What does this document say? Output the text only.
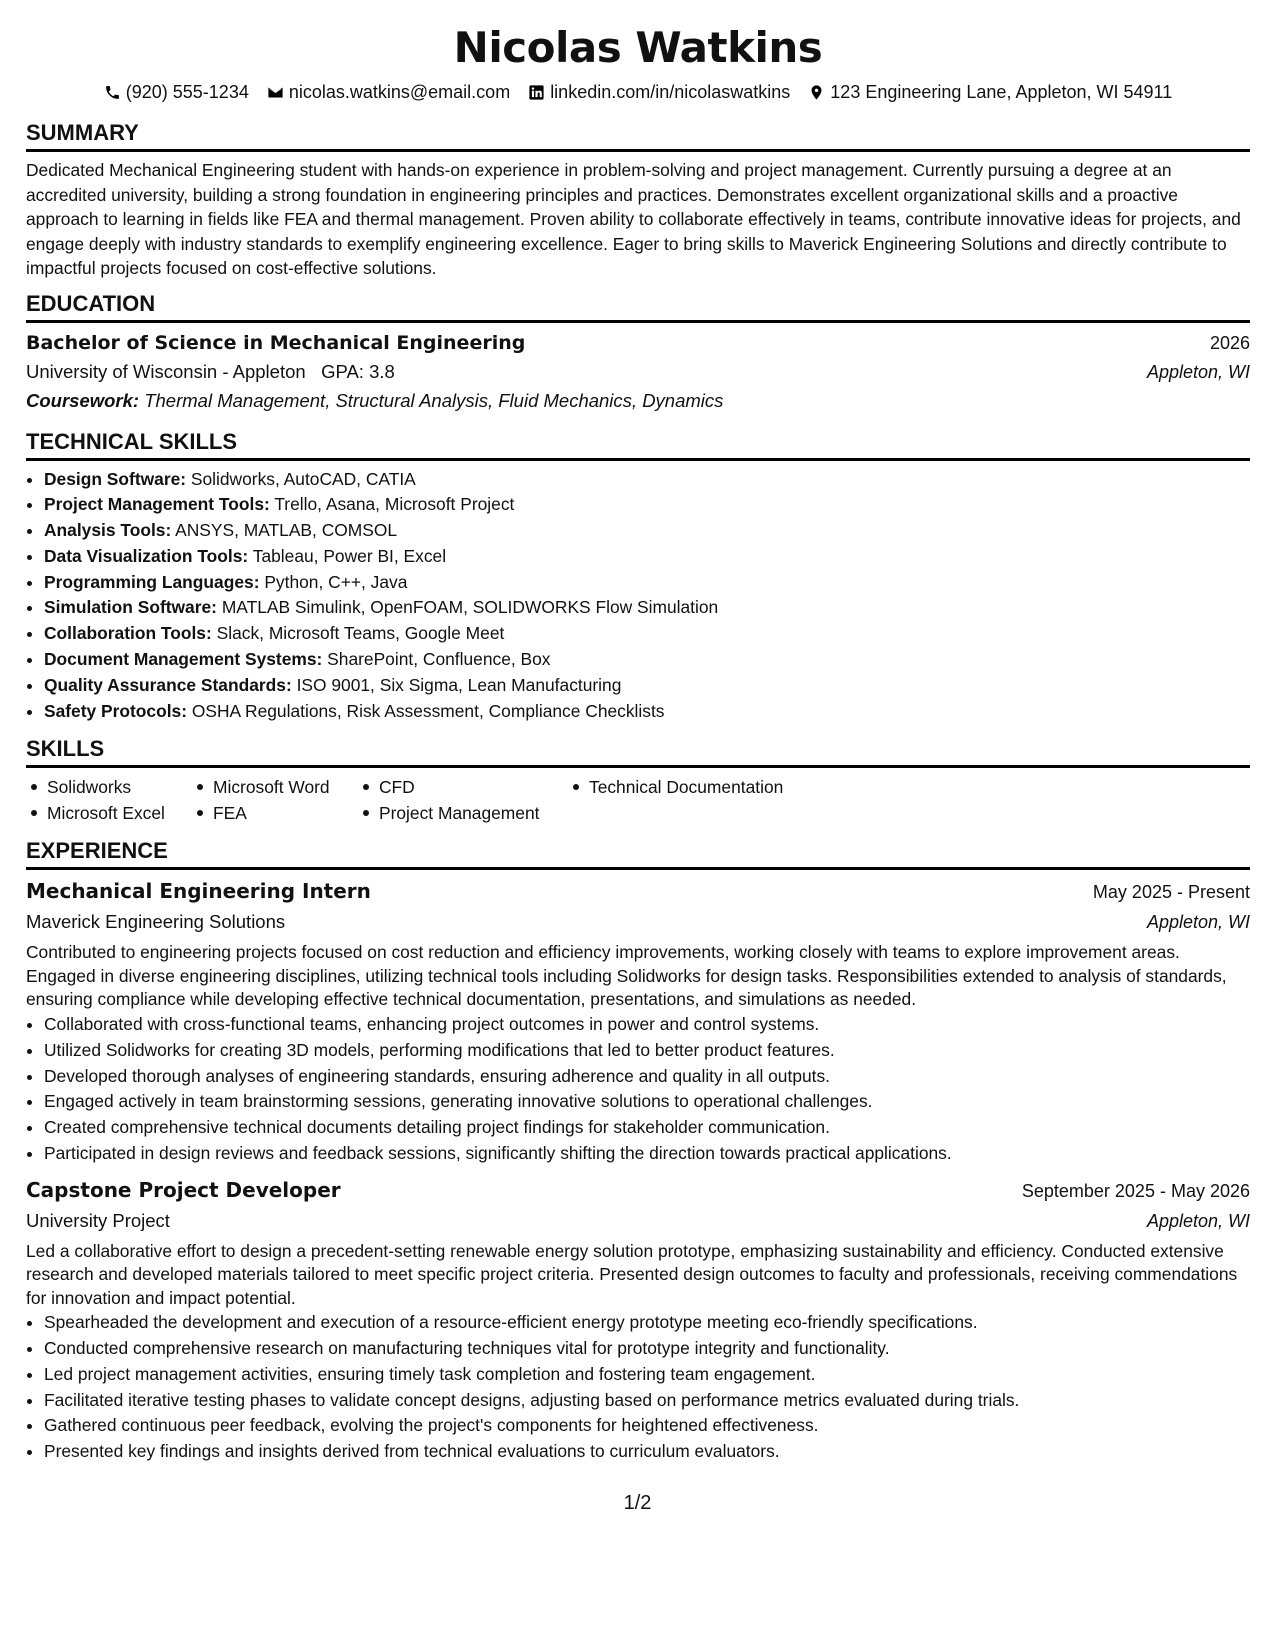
Nicolas Watkins
(920) 555-1234 nicolas.watkins@email.com linkedin.com/in/nicolaswatkins 123 Engineering Lane, Appleton, WI 54911
SUMMARY

Dedicated Mechanical Engineering student with hands-on experience in problem-solving and project management. Currently pursuing a degree at an accredited university, building a strong foundation in engineering principles and practices. Demonstrates excellent organizational skills and a proactive approach to learning in fields like FEA and thermal management. Proven ability to collaborate effectively in teams, contribute innovative ideas for projects, and engage deeply with industry standards to exemplify engineering excellence. Eager to bring skills to Maverick Engineering Solutions and directly contribute to impactful projects focused on cost-effective solutions.

EDUCATION
Bachelor of Science in Mechanical Engineering	2026
University of Wisconsin - Appleton GPA: 3.8	Appleton, WI
Coursework: Thermal Management, Structural Analysis, Fluid Mechanics, Dynamics
TECHNICAL SKILLS
• Design Software: Solidworks, AutoCAD, CATIA
• Project Management Tools: Trello, Asana, Microsoft Project
• Analysis Tools: ANSYS, MATLAB, COMSOL
• Data Visualization Tools: Tableau, Power BI, Excel
• Programming Languages: Python, C++, Java
• Simulation Software: MATLAB Simulink, OpenFOAM, SOLIDWORKS Flow Simulation
• Collaboration Tools: Slack, Microsoft Teams, Google Meet
• Document Management Systems: SharePoint, Confluence, Box
• Quality Assurance Standards: ISO 9001, Six Sigma, Lean Manufacturing
• Safety Protocols: OSHA Regulations, Risk Assessment, Compliance Checklists
SKILLS
Solidworks
Microsoft Excel
Microsoft Word
FEA
CFD
Project Management
Technical Documentation
EXPERIENCE
Mechanical Engineering Intern	May 2025 - Present
Maverick Engineering Solutions	Appleton, WI

Contributed to engineering projects focused on cost reduction and efficiency improvements, working closely with teams to explore improvement areas. Engaged in diverse engineering disciplines, utilizing technical tools including Solidworks for design tasks. Responsibilities extended to analysis of standards, ensuring compliance while developing effective technical documentation, presentations, and simulations as needed.

• Collaborated with cross-functional teams, enhancing project outcomes in power and control systems.
• Utilized Solidworks for creating 3D models, performing modifications that led to better product features.
• Developed thorough analyses of engineering standards, ensuring adherence and quality in all outputs.
• Engaged actively in team brainstorming sessions, generating innovative solutions to operational challenges.
• Created comprehensive technical documents detailing project findings for stakeholder communication.
• Participated in design reviews and feedback sessions, significantly shifting the direction towards practical applications.
Capstone Project Developer	September 2025 - May 2026
University Project	Appleton, WI

Led a collaborative effort to design a precedent-setting renewable energy solution prototype, emphasizing sustainability and efficiency. Conducted extensive research and developed materials tailored to meet specific project criteria. Presented design outcomes to faculty and professionals, receiving commendations for innovation and impact potential.

• Spearheaded the development and execution of a resource-efficient energy prototype meeting eco-friendly specifications.
• Conducted comprehensive research on manufacturing techniques vital for prototype integrity and functionality.
• Led project management activities, ensuring timely task completion and fostering team engagement.
• Facilitated iterative testing phases to validate concept designs, adjusting based on performance metrics evaluated during trials.
• Gathered continuous peer feedback, evolving the project's components for heightened effectiveness.
• Presented key findings and insights derived from technical evaluations to curriculum evaluators.
1/2
